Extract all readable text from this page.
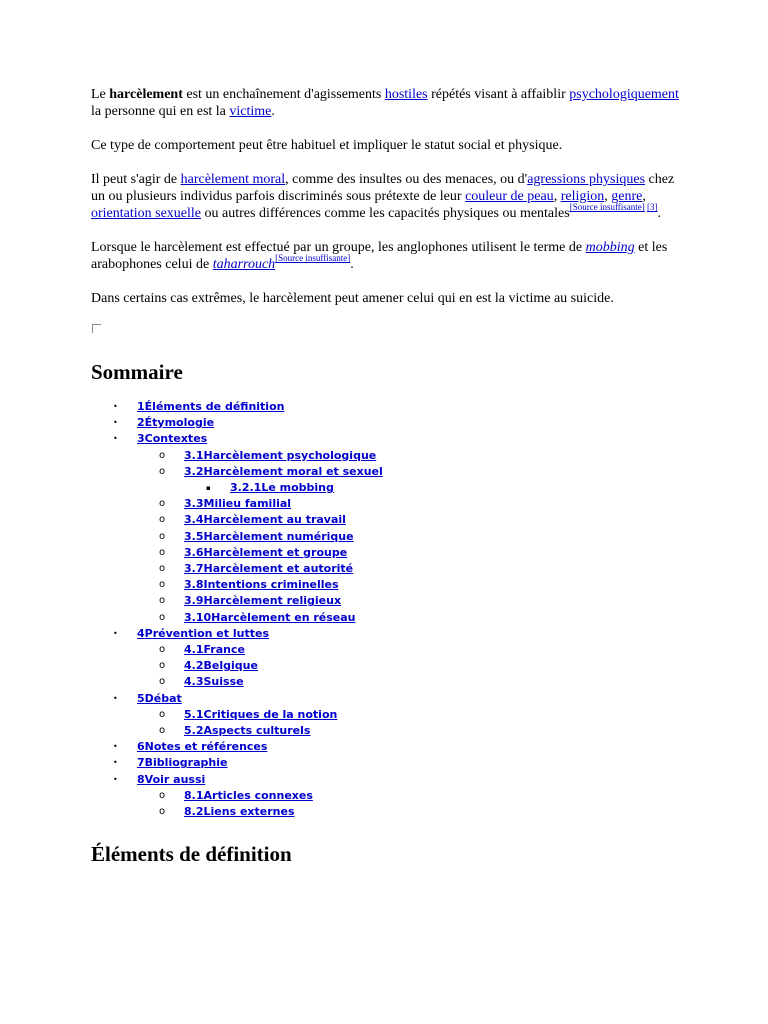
Le harcèlement est un enchaînement d'agissements hostiles répétés visant à affaiblir psychologiquement la personne qui en est la victime.

Ce type de comportement peut être habituel et impliquer le statut social et physique.

Il peut s'agir de harcèlement moral, comme des insultes ou des menaces, ou d'agressions physiques chez un ou plusieurs individus parfois discriminés sous prétexte de leur couleur de peau, religion, genre, orientation sexuelle ou autres différences comme les capacités physiques ou mentales[Source insuffisante] [3].

Lorsque le harcèlement est effectué par un groupe, les anglophones utilisent le terme de mobbing et les arabophones celui de taharrouch[Source insuffisante].

Dans certains cas extrêmes, le harcèlement peut amener celui qui en est la victime au suicide.

Sommaire
• 1Éléments de définition
• 2Étymologie
• 3Contextes
o 3.1Harcèlement psychologique
o 3.2Harcèlement moral et sexuel
▪ 3.2.1Le mobbing
o 3.3Milieu familial
o 3.4Harcèlement au travail
o 3.5Harcèlement numérique
o 3.6Harcèlement et groupe
o 3.7Harcèlement et autorité
o 3.8Intentions criminelles
o 3.9Harcèlement religieux
o 3.10Harcèlement en réseau
• 4Prévention et luttes
o 4.1France
o 4.2Belgique
o 4.3Suisse
• 5Débat
o 5.1Critiques de la notion
o 5.2Aspects culturels
• 6Notes et références
• 7Bibliographie
• 8Voir aussi
o 8.1Articles connexes
o 8.2Liens externes
Éléments de définition
